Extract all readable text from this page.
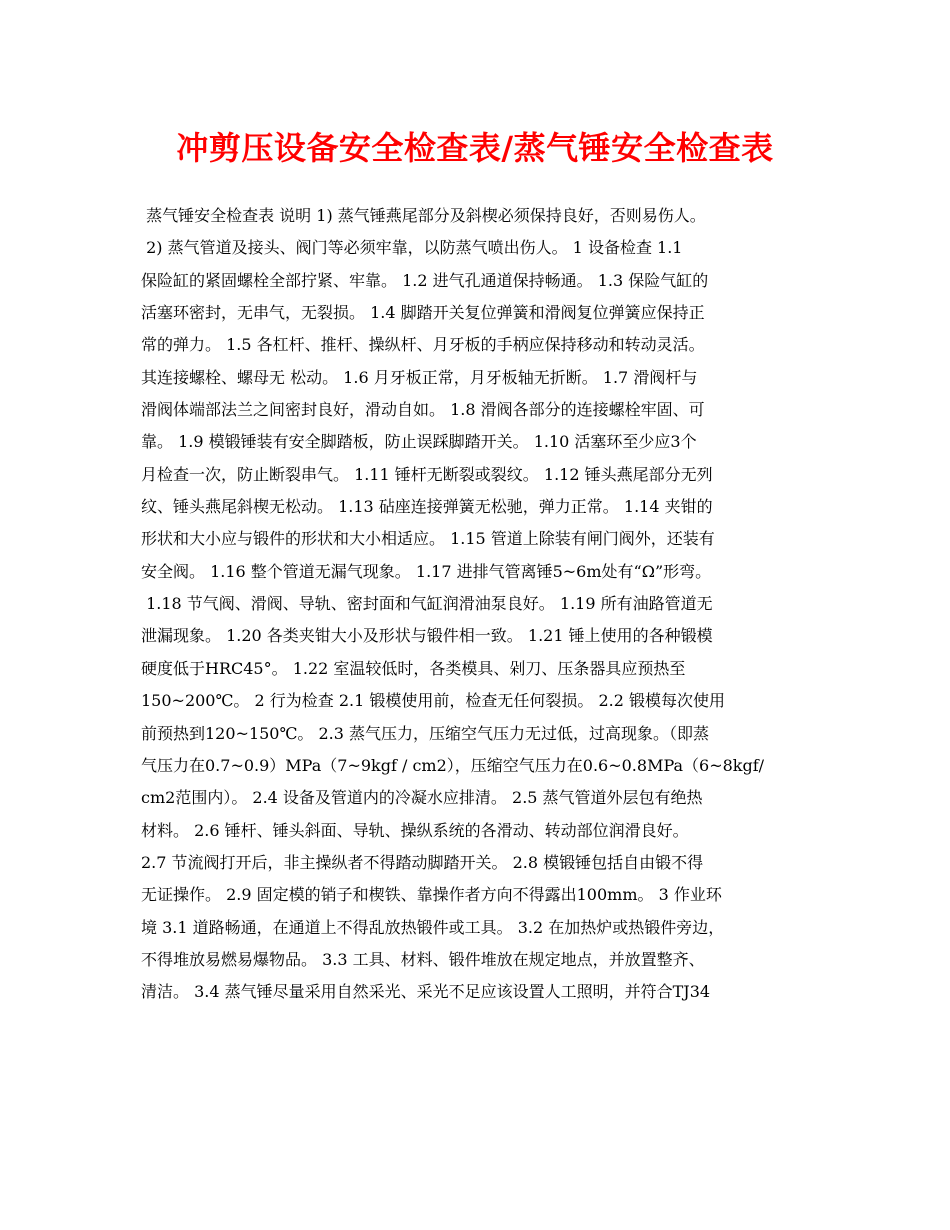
冲剪压设备安全检查表/蒸气锤安全检查表
蒸气锤安全检查表 说明 1) 蒸气锤燕尾部分及斜楔必须保持良好，否则易伤人。
2) 蒸气管道及接头、阀门等必须牢靠，以防蒸气喷出伤人。 1 设备检查 1.1
保险缸的紧固螺栓全部拧紧、牢靠。 1.2 进气孔通道保持畅通。 1.3 保险气缸的
活塞环密封，无串气，无裂损。 1.4 脚踏开关复位弹簧和滑阀复位弹簧应保持正
常的弹力。 1.5 各杠杆、推杆、操纵杆、月牙板的手柄应保持移动和转动灵活。
其连接螺栓、螺母无 松动。 1.6 月牙板正常，月牙板轴无折断。 1.7 滑阀杆与
滑阀体端部法兰之间密封良好，滑动自如。 1.8 滑阀各部分的连接螺栓牢固、可
靠。 1.9 模锻锤装有安全脚踏板，防止误踩脚踏开关。 1.10 活塞环至少应3个
月检查一次，防止断裂串气。 1.11 锤杆无断裂或裂纹。 1.12 锤头燕尾部分无列
纹、锤头燕尾斜楔无松动。 1.13 砧座连接弹簧无松驰，弹力正常。 1.14 夹钳的
形状和大小应与锻件的形状和大小相适应。 1.15 管道上除装有闸门阀外，还装有
安全阀。 1.16 整个管道无漏气现象。 1.17 进排气管离锤5~6m处有“Ω”形弯。
1.18 节气阀、滑阀、导轨、密封面和气缸润滑油泵良好。 1.19 所有油路管道无
泄漏现象。 1.20 各类夹钳大小及形状与锻件相一致。 1.21 锤上使用的各种锻模
硬度低于HRC45°。 1.22 室温较低时，各类模具、剁刀、压条器具应预热至
150~200℃。 2 行为检查 2.1 锻模使用前，检查无任何裂损。 2.2 锻模每次使用
前预热到120~150℃。 2.3 蒸气压力，压缩空气压力无过低，过高现象。（即蒸
气压力在0.7~0.9）MPa（7~9kgf / cm2），压缩空气压力在0.6~0.8MPa（6~8kgf/
cm2范围内）。 2.4 设备及管道内的冷凝水应排清。 2.5 蒸气管道外层包有绝热
材料。 2.6 锤杆、锤头斜面、导轨、操纵系统的各滑动、转动部位润滑良好。
2.7 节流阀打开后，非主操纵者不得踏动脚踏开关。 2.8 模锻锤包括自由锻不得
无证操作。 2.9 固定模的销子和楔铁、靠操作者方向不得露出100mm。 3 作业环
境 3.1 道路畅通，在通道上不得乱放热锻件或工具。 3.2 在加热炉或热锻件旁边，
不得堆放易燃易爆物品。 3.3 工具、材料、锻件堆放在规定地点，并放置整齐、
清洁。 3.4 蒸气锤尽量采用自然采光、采光不足应该设置人工照明，并符合TJ34
